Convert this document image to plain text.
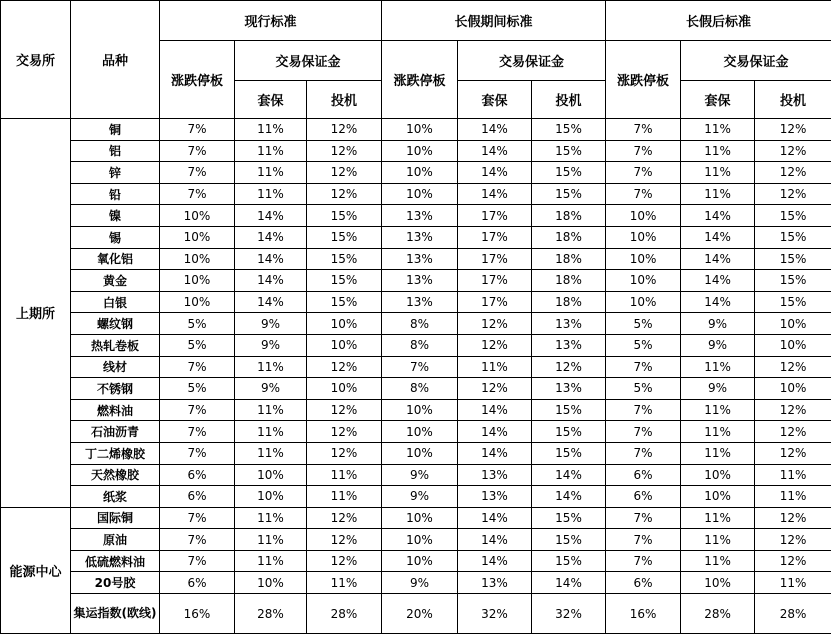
交易所	品种	现行标准			长假期间标准			长假后标准		
		涨跌停板	交易保证金		涨跌停板	交易保证金		涨跌停板	交易保证金	
			套保	投机		套保	投机		套保	投机
上期所	铜	7%	11%	12%	10%	14%	15%	7%	11%	12%
	铝	7%	11%	12%	10%	14%	15%	7%	11%	12%
	锌	7%	11%	12%	10%	14%	15%	7%	11%	12%
	铅	7%	11%	12%	10%	14%	15%	7%	11%	12%
	镍	10%	14%	15%	13%	17%	18%	10%	14%	15%
	锡	10%	14%	15%	13%	17%	18%	10%	14%	15%
	氧化铝	10%	14%	15%	13%	17%	18%	10%	14%	15%
	黄金	10%	14%	15%	13%	17%	18%	10%	14%	15%
	白银	10%	14%	15%	13%	17%	18%	10%	14%	15%
	螺纹钢	5%	9%	10%	8%	12%	13%	5%	9%	10%
	热轧卷板	5%	9%	10%	8%	12%	13%	5%	9%	10%
	线材	7%	11%	12%	7%	11%	12%	7%	11%	12%
	不锈钢	5%	9%	10%	8%	12%	13%	5%	9%	10%
	燃料油	7%	11%	12%	10%	14%	15%	7%	11%	12%
	石油沥青	7%	11%	12%	10%	14%	15%	7%	11%	12%
	丁二烯橡胶	7%	11%	12%	10%	14%	15%	7%	11%	12%
	天然橡胶	6%	10%	11%	9%	13%	14%	6%	10%	11%
	纸浆	6%	10%	11%	9%	13%	14%	6%	10%	11%
能源中心	国际铜	7%	11%	12%	10%	14%	15%	7%	11%	12%
	原油	7%	11%	12%	10%	14%	15%	7%	11%	12%
	低硫燃料油	7%	11%	12%	10%	14%	15%	7%	11%	12%
	20号胶	6%	10%	11%	9%	13%	14%	6%	10%	11%
	集运指数(欧线)	16%	28%	28%	20%	32%	32%	16%	28%	28%
